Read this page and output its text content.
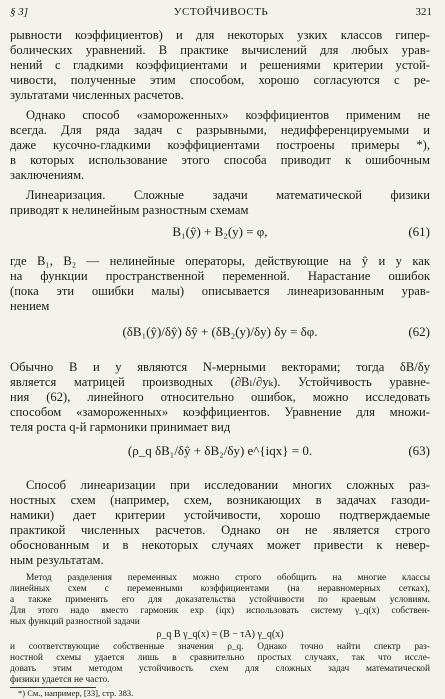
§ 3]	УСТОЙЧИВОСТЬ	321
рывности коэффициентов) и для некоторых узких классов гипер-
болических уравнений. В практике вычислений для любых урав-
нений с гладкими коэффициентами и решениями критерии устой-
чивости, полученные этим способом, хорошо согласуются с ре-
зультатами численных расчетов.
Однако способ «замороженных» коэффициентов применим не
всегда. Для ряда задач с разрывными, недифференцируемыми и
даже кусочно-гладкими коэффициентами построены примеры *),
в которых использование этого способа приводит к ошибочным
заключениям.
Линеаризация. Сложные задачи математической физики
приводят к нелинейным разностным схемам
B₁(ŷ) + B₂(y) = φ,	(61)
где B₁, B₂ — нелинейные операторы, действующие на ŷ и y как
на функции пространственной переменной. Нарастание ошибок
(пока эти ошибки малы) описывается линеаризованным урав-
нением
(δB₁(ŷ)/δŷ) δŷ + (δB₂(y)/δy) δy = δφ.	(62)
Обычно B и y являются N-мерными векторами; тогда δB/δy
является матрицей производных (∂Bₗ/∂yₖ). Устойчивость уравне-
ния (62), линейного относительно ошибок, можно исследовать
способом «замороженных» коэффициентов. Уравнение для множи-
теля роста q-й гармоники принимает вид
(ρ_q δB₁/δŷ + δB₂/δy) e^{iqx} = 0.	(63)
Способ линеаризации при исследовании многих сложных раз-
ностных схем (например, схем, возникающих в задачах газоди-
намики) дает критерии устойчивости, хорошо подтверждаемые
практикой численных расчетов. Однако он не является строго
обоснованным и в некоторых случаях может привести к невер-
ным результатам.
Метод разделения переменных можно строго обобщить на многие классы
линейных схем с переменными коэффициентами (на неравномерных сетках),
а также применять его для доказательства устойчивости по краевым условиям.
Для этого надо вместо гармоник exp (iqx) использовать систему γ_q(x) собствен-
ных функций разностной задачи
ρ_q B γ_q(x) = (B − τA) γ_q(x)
и соответствующие собственные значения ρ_q. Однако точно найти спектр раз-
ностной схемы удается лишь в сравнительно простых случаях, так что иссле-
довать этим методом устойчивость схем для сложных задач математической
физики удается не часто.
*) См., например, [33], стр. 383.
